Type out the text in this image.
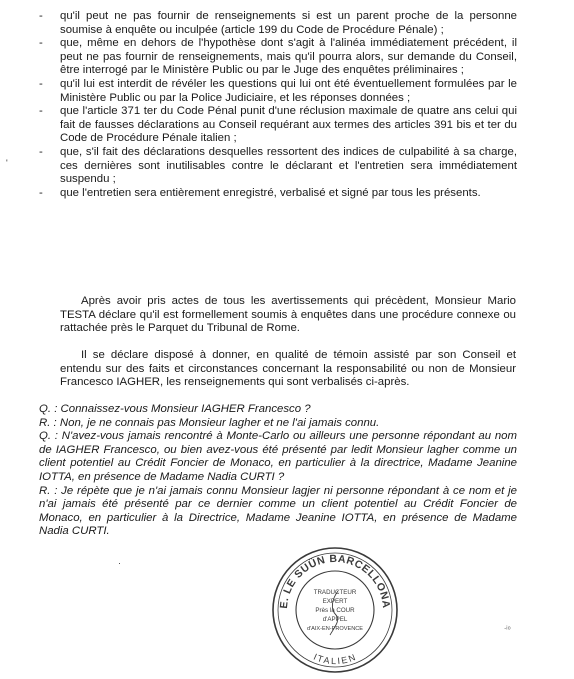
- qu'il peut ne pas fournir de renseignements si est un parent proche de la personne soumise à enquête ou inculpée (article 199 du Code de Procédure Pénale) ;
- que, même en dehors de l'hypothèse dont s'agit à l'alinéa immédiatement précédent, il peut ne pas fournir de renseignements, mais qu'il pourra alors, sur demande du Conseil, être interrogé par le Ministère Public ou par le Juge des enquêtes préliminaires ;
- qu'il lui est interdit de révéler les questions qui lui ont été éventuellement formulées par le Ministère Public ou par la Police Judiciaire, et les réponses données ;
- que l'article 371 ter du Code Pénal punit d'une réclusion maximale de quatre ans celui qui fait de fausses déclarations au Conseil requérant aux termes des articles 391 bis et ter du Code de Procédure Pénale italien ;
- que, s'il fait des déclarations desquelles ressortent des indices de culpabilité à sa charge, ces dernières sont inutilisables contre le déclarant et l'entretien sera immédiatement suspendu ;
- que l'entretien sera entièrement enregistré, verbalisé et signé par tous les présents.

Après avoir pris actes de tous les avertissements qui précèdent, Monsieur Mario TESTA déclare qu'il est formellement soumis à enquêtes dans une procédure connexe ou rattachée près le Parquet du Tribunal de Rome.

Il se déclare disposé à donner, en qualité de témoin assisté par son Conseil et entendu sur des faits et circonstances concernant la responsabilité ou non de Monsieur Francesco IAGHER, les renseignements qui sont verbalisés ci-après.

Q. : Connaissez-vous Monsieur IAGHER Francesco ?

R. : Non, je ne connais pas Monsieur lagher et ne l'ai jamais connu.

Q. : N'avez-vous jamais rencontré à Monte-Carlo ou ailleurs une personne répondant au nom de IAGHER Francesco, ou bien avez-vous été présenté par ledit Monsieur lagher comme un client potentiel au Crédit Foncier de Monaco, en particulier à la directrice, Madame Jeanine IOTTA, en présence de Madame Nadia CURTI ?

R. : Je répète que je n'ai jamais connu Monsieur lagjer ni personne répondant à ce nom et je n'ai jamais été présenté par ce dernier comme un client potentiel au Crédit Foncier de Monaco, en particulier à la Directrice, Madame Jeanine IOTTA, en présence de Madame Nadia CURTI.

'
·
.ᵢ₀
E. LE SUÜN BARCELLONA
ITALIEN
TRADUCTEUR
EXPERT
Près la COUR
d'APPEL
d'AIX-EN-PROVENCE
